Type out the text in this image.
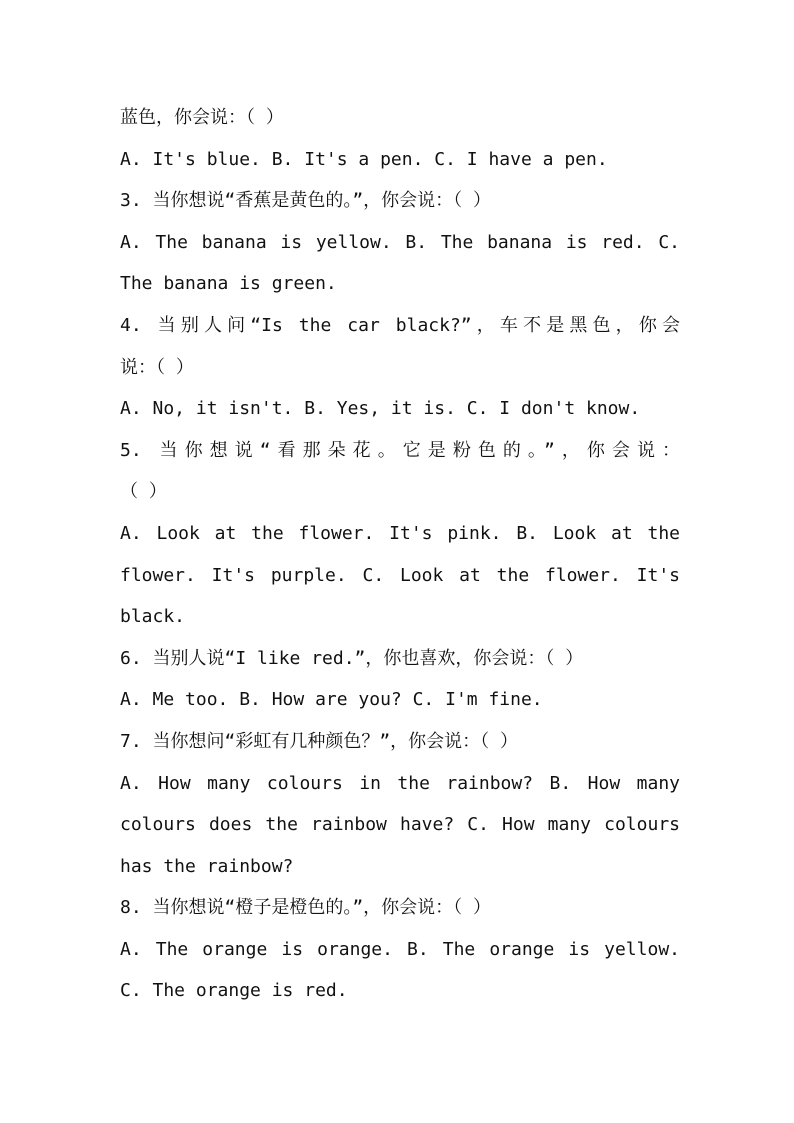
蓝色，你会说：（ ）
A. It's blue. B. It's a pen. C. I have a pen.
3. 当你想说“香蕉是黄色的。”，你会说：（ ）
A. The banana is yellow. B. The banana is red. C.
The banana is green.
4. 当别人问“Is the car black?”，车不是黑色，你会
说：（ ）
A. No, it isn't. B. Yes, it is. C. I don't know.
5. 当你想说“看那朵花。它是粉色的。”，你会说：
（ ）
A. Look at the flower. It's pink. B. Look at the
flower. It's purple. C. Look at the flower. It's
black.
6. 当别人说“I like red.”，你也喜欢，你会说：（ ）
A. Me too. B. How are you? C. I'm fine.
7. 当你想问“彩虹有几种颜色？”，你会说：（ ）
A. How many colours in the rainbow? B. How many
colours does the rainbow have? C. How many colours
has the rainbow?
8. 当你想说“橙子是橙色的。”，你会说：（ ）
A. The orange is orange. B. The orange is yellow.
C. The orange is red.
